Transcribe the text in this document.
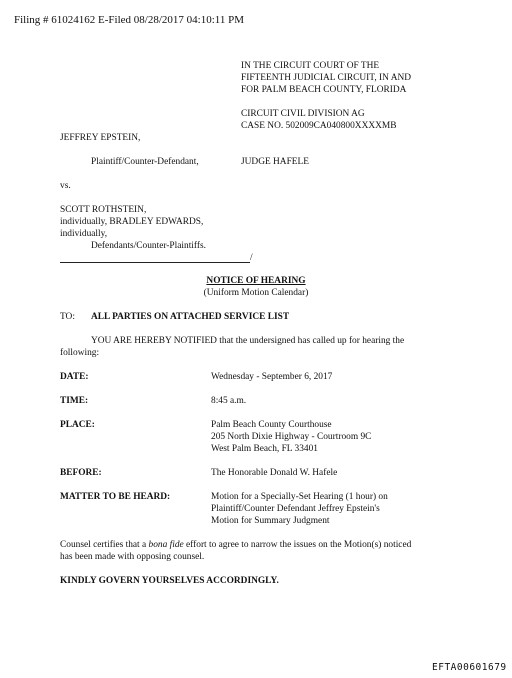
Filing # 61024162 E-Filed 08/28/2017 04:10:11 PM
IN THE CIRCUIT COURT OF THE
FIFTEENTH JUDICIAL CIRCUIT, IN AND
FOR PALM BEACH COUNTY, FLORIDA
CIRCUIT CIVIL DIVISION AG
CASE NO. 502009CA040800XXXXMB
JEFFREY EPSTEIN,
Plaintiff/Counter-Defendant,	JUDGE HAFELE
vs.
SCOTT ROTHSTEIN,
individually, BRADLEY EDWARDS,
individually,
Defendants/Counter-Plaintiffs.
/
NOTICE OF HEARING
(Uniform Motion Calendar)
TO: ALL PARTIES ON ATTACHED SERVICE LIST
YOU ARE HEREBY NOTIFIED that the undersigned has called up for hearing the
following:
DATE:	Wednesday - September 6, 2017
TIME:	8:45 a.m.
PLACE:	Palm Beach County Courthouse
205 North Dixie Highway - Courtroom 9C
West Palm Beach, FL 33401
BEFORE:	The Honorable Donald W. Hafele
MATTER TO BE HEARD:	Motion for a Specially-Set Hearing (1 hour) on
Plaintiff/Counter Defendant Jeffrey Epstein's
Motion for Summary Judgment
Counsel certifies that a bona fide effort to agree to narrow the issues on the Motion(s) noticed
has been made with opposing counsel.
KINDLY GOVERN YOURSELVES ACCORDINGLY.
EFTA00601679
